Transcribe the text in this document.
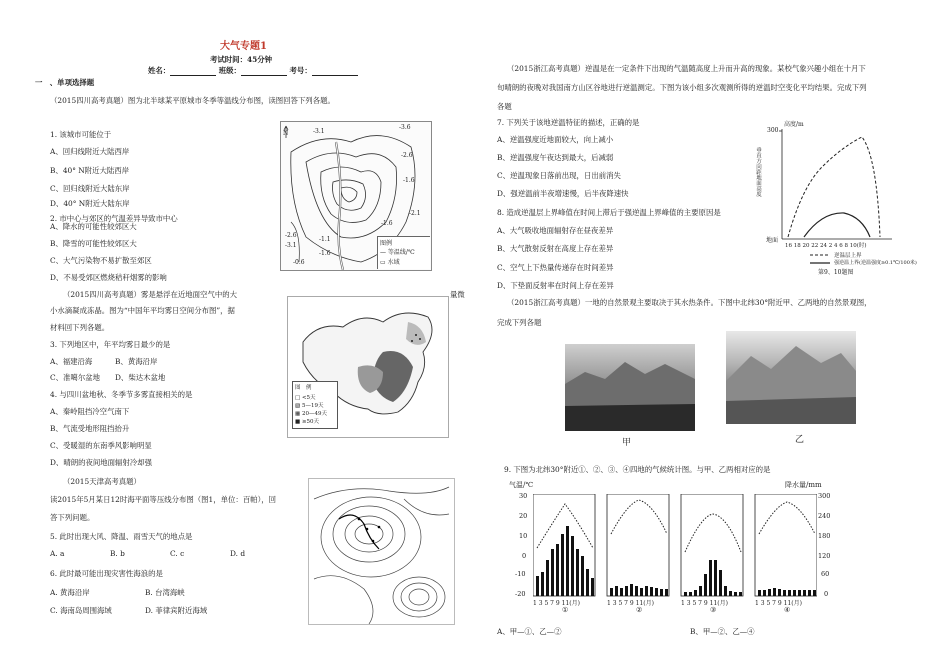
大气专题1
考试时间：45分钟
姓名：	班级：	考号：
一　、单项选择题
（2015四川高考真题）图为北半球某平原城市冬季等温线分布图，读图回答下列各题。
1. 该城市可能位于
A、回归线附近大陆西岸
B、40° N附近大陆西岸
C、回归线附近大陆东岸
D、40° N附近大陆东岸
2. 市中心与郊区的气温差异导致市中心
A、降水的可能性较郊区大
B、降雪的可能性较郊区大
C、大气污染物不易扩散至郊区
D、不易受郊区燃烧秸秆烟雾的影响
（2015四川高考真题）雾是悬浮在近地面空气中的大	量微
小水滴凝成冻晶。图为“中国年平均雾日空间分布图”，据
材料回下列各题。
3. 下列地区中，年平均雾日最少的是
A、福建沿海	B、黄海沿岸
C、准噶尔盆地 D、柴达木盆地
4. 与四川盆地秋、冬季节多雾直接相关的是
A、秦岭阻挡冷空气南下
B、气流受地形阻挡抬升
C、受暖湿的东南季风影响明显
D、晴朗的夜间地面辐射冷却强
（2015天津高考真题）
读2015年5月某日12时海平面等压线分布图（图1，单位：百帕），回
答下列问题。
5. 此时出现大风、降温、雨雪天气的地点是
A. a	B. b	C. c	D. d
6. 此时最可能出现灾害性海浪的是
A. 黄海沿岸	B. 台湾海峡
C. 海南岛周围海域	D. 菲律宾附近海域
N	-3.1
-3.6
-2.6
-1.6
-2.1
-1.6
-2.6
-3.1
-1.1
-1.6
-0.6
图例
— 等温线/℃
▭ 水域
图　例
□ <5天
▧ 5—19天
▦ 20—49天
■ ≥50天
（2015浙江高考真题）逆温是在一定条件下出现的气温随高度上升而升高的现象。某校气象兴趣小组在十月下
旬晴朗的夜晚对我国南方山区谷地进行逆温测定。下图为该小组多次观测所得的逆温时空变化平均结果。完成下列
各题
7. 下列关于该地逆温特征的描述，正确的是
A、逆温强度近地面较大，向上减小
B、逆温强度午夜达到最大，后减弱
C、逆温现象日落前出现，日出前消失
D、强逆温前半夜增速慢，后半夜降速快
8. 造成逆温层上界峰值在时间上滞后于强逆温上界峰值的主要原因是
A、大气吸收地面辐射存在昼夜差异
B、大气散射反射在高度上存在差异
C、空气上下热量传递存在时间差异
D、下垫面反射率在时间上存在差异
（2015浙江高考真题）一地的自然景观主要取决于其水热条件。下图中北纬30°附近甲、乙两地的自然景观图，
完成下列各题
高度/m
300
地面
16 18 20 22 24 2 4 6 8 10(时)
垂直方向距地面高度
逆温层上界
强逆温上界(逆温强度≥0.1℃/100米)
第9、10题图
甲	乙
9. 下图为北纬30°附近①、②、③、④四地的气候统计图。与甲、乙两相对应的是
气温/℃	降水量/mm
30
20
10
0
-10
-20
300
240
180
120
60
0
1 3 5 7 9 11(月)	1 3 5 7 9 11(月)	1 3 5 7 9 11(月)	1 3 5 7 9 11(月)
①	②	③	④
A、甲—①、乙—②	B、甲—②、乙—④
